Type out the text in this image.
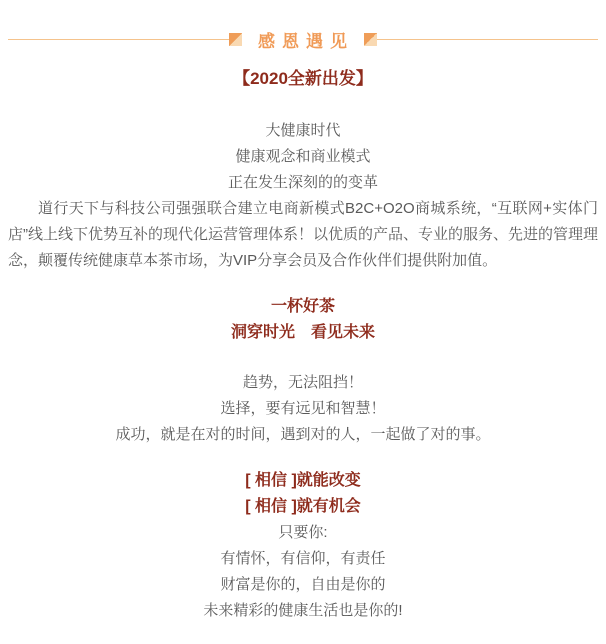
感恩遇见
【2020全新出发】

大健康时代

健康观念和商业模式

正在发生深刻的的变革

道行天下与科技公司强强联合建立电商新模式B2C+O2O商城系统，“互联网+实体门店”线上线下优势互补的现代化运营管理体系！以优质的产品、专业的服务、先进的管理理念，颠覆传统健康草本茶市场，为VIP分享会员及合作伙伴们提供附加值。

一杯好茶

洞穿时光　看见未来

趋势，无法阻挡！

选择，要有远见和智慧！

成功，就是在对的时间，遇到对的人，一起做了对的事。

[ 相信 ]就能改变

[ 相信 ]就有机会

只要你:

有情怀，有信仰，有责任

财富是你的，自由是你的

未来精彩的健康生活也是你的!
